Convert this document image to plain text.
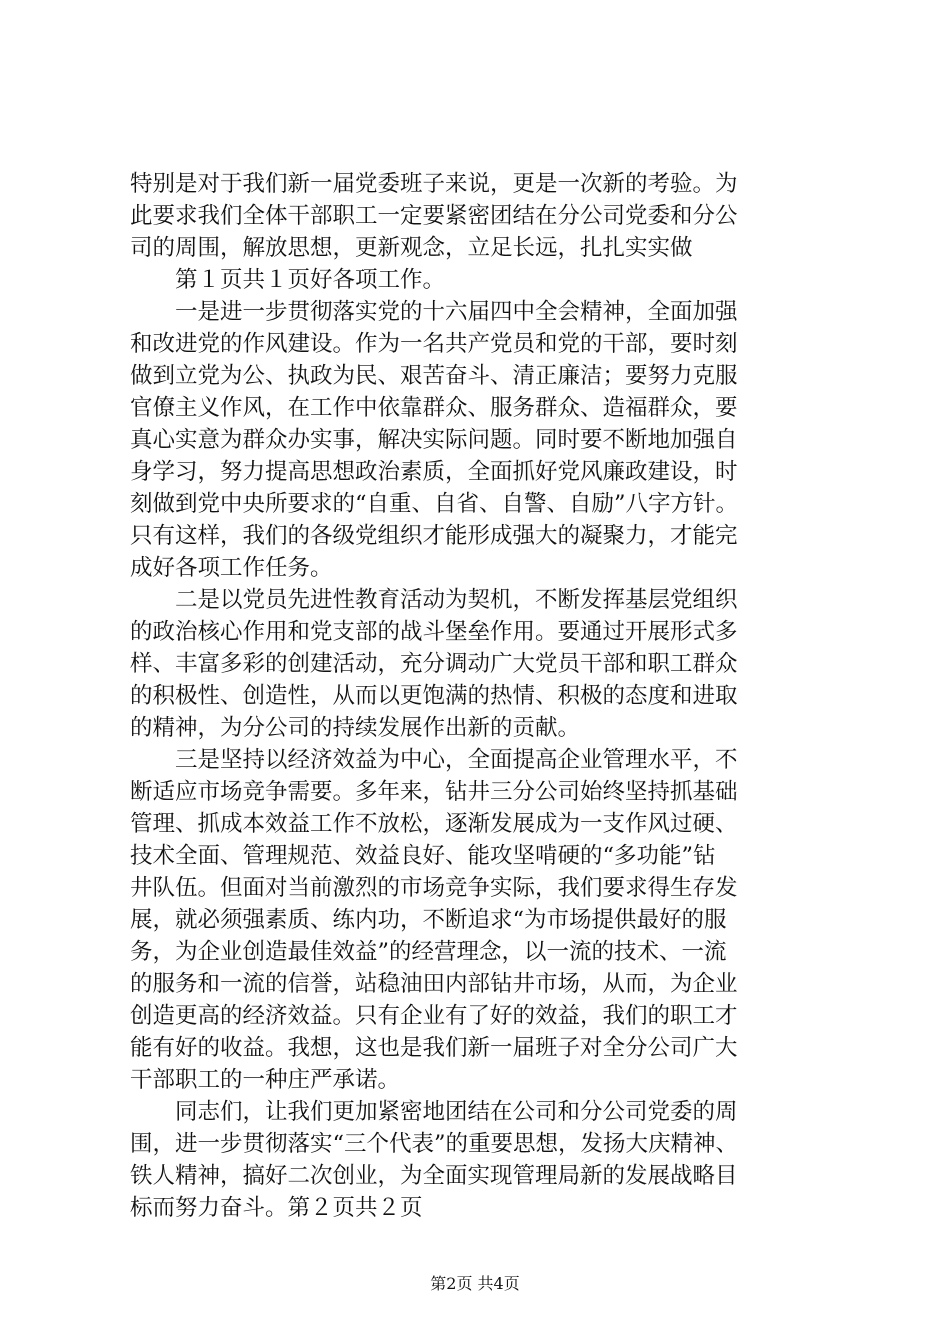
特别是对于我们新一届党委班子来说，更是一次新的考验。为
此要求我们全体干部职工一定要紧密团结在分公司党委和分公
司的周围，解放思想，更新观念，立足长远，扎扎实实做
　　第１页共１页好各项工作。
　　一是进一步贯彻落实党的十六届四中全会精神，全面加强
和改进党的作风建设。作为一名共产党员和党的干部，要时刻
做到立党为公、执政为民、艰苦奋斗、清正廉洁；要努力克服
官僚主义作风，在工作中依靠群众、服务群众、造福群众，要
真心实意为群众办实事，解决实际问题。同时要不断地加强自
身学习，努力提高思想政治素质，全面抓好党风廉政建设，时
刻做到党中央所要求的“自重、自省、自警、自励”八字方针。
只有这样，我们的各级党组织才能形成强大的凝聚力，才能完
成好各项工作任务。
　　二是以党员先进性教育活动为契机，不断发挥基层党组织
的政治核心作用和党支部的战斗堡垒作用。要通过开展形式多
样、丰富多彩的创建活动，充分调动广大党员干部和职工群众
的积极性、创造性，从而以更饱满的热情、积极的态度和进取
的精神，为分公司的持续发展作出新的贡献。
　　三是坚持以经济效益为中心，全面提高企业管理水平，不
断适应市场竞争需要。多年来，钻井三分公司始终坚持抓基础
管理、抓成本效益工作不放松，逐渐发展成为一支作风过硬、
技术全面、管理规范、效益良好、能攻坚啃硬的“多功能”钻
井队伍。但面对当前激烈的市场竞争实际，我们要求得生存发
展，就必须强素质、练内功，不断追求“为市场提供最好的服
务，为企业创造最佳效益”的经营理念，以一流的技术、一流
的服务和一流的信誉，站稳油田内部钻井市场，从而，为企业
创造更高的经济效益。只有企业有了好的效益，我们的职工才
能有好的收益。我想，这也是我们新一届班子对全分公司广大
干部职工的一种庄严承诺。
　　同志们，让我们更加紧密地团结在公司和分公司党委的周
围，进一步贯彻落实“三个代表”的重要思想，发扬大庆精神、
铁人精神，搞好二次创业，为全面实现管理局新的发展战略目
标而努力奋斗。第２页共２页
第2页 共4页
